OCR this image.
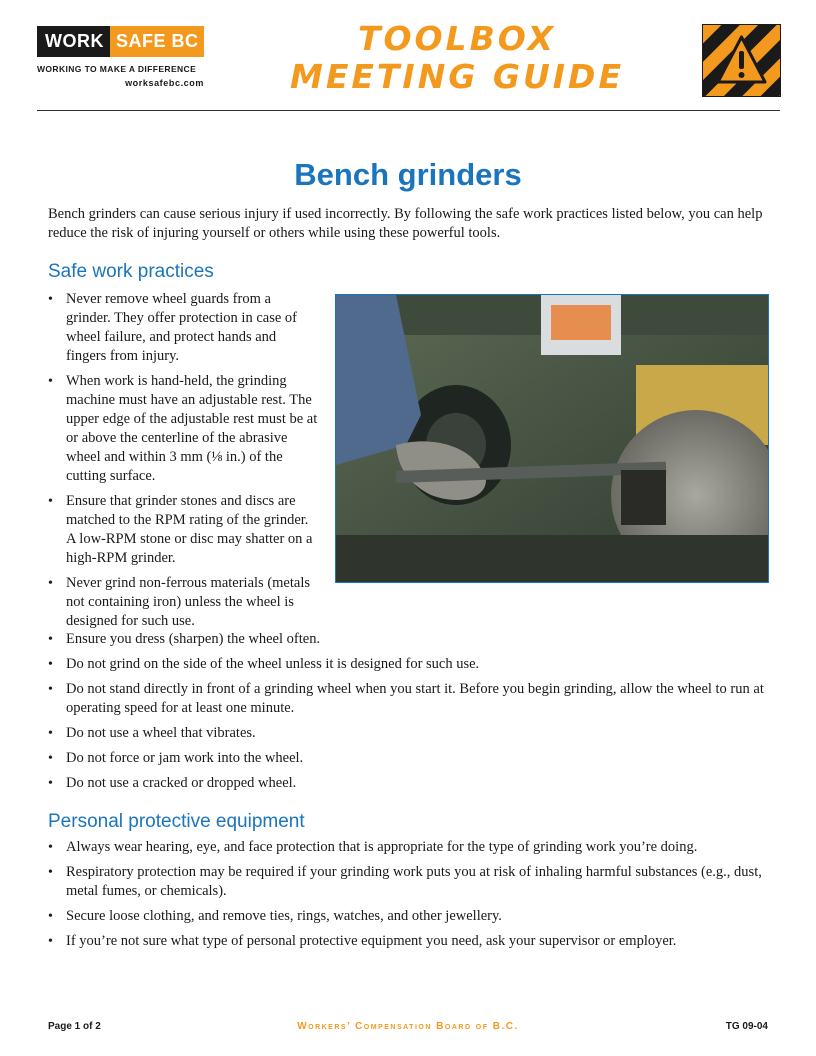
WORK SAFE BC
WORKING TO MAKE A DIFFERENCE
worksafebc.com
TOOLBOX
MEETING GUIDE
Bench grinders
Bench grinders can cause serious injury if used incorrectly. By following the safe work practices listed below, you can help reduce the risk of injuring yourself or others while using these powerful tools.
Safe work practices
• Never remove wheel guards from a grinder. They offer protection in case of wheel failure, and protect hands and fingers from injury.
• When work is hand-held, the grinding machine must have an adjustable rest. The upper edge of the adjustable rest must be at or above the centerline of the abrasive wheel and within 3 mm (⅛ in.) of the cutting surface.
• Ensure that grinder stones and discs are matched to the RPM rating of the grinder. A low-RPM stone or disc may shatter on a high-RPM grinder.
• Never grind non-ferrous materials (metals not containing iron) unless the wheel is designed for such use.
• Ensure you dress (sharpen) the wheel often.
• Do not grind on the side of the wheel unless it is designed for such use.
• Do not stand directly in front of a grinding wheel when you start it. Before you begin grinding, allow the wheel to run at operating speed for at least one minute.
• Do not use a wheel that vibrates.
• Do not force or jam work into the wheel.
• Do not use a cracked or dropped wheel.
Personal protective equipment
• Always wear hearing, eye, and face protection that is appropriate for the type of grinding work you’re doing.
• Respiratory protection may be required if your grinding work puts you at risk of inhaling harmful substances (e.g., dust, metal fumes, or chemicals).
• Secure loose clothing, and remove ties, rings, watches, and other jewellery.
• If you’re not sure what type of personal protective equipment you need, ask your supervisor or employer.
Page 1 of 2	Workers’ Compensation Board of B.C.	TG 09-04
